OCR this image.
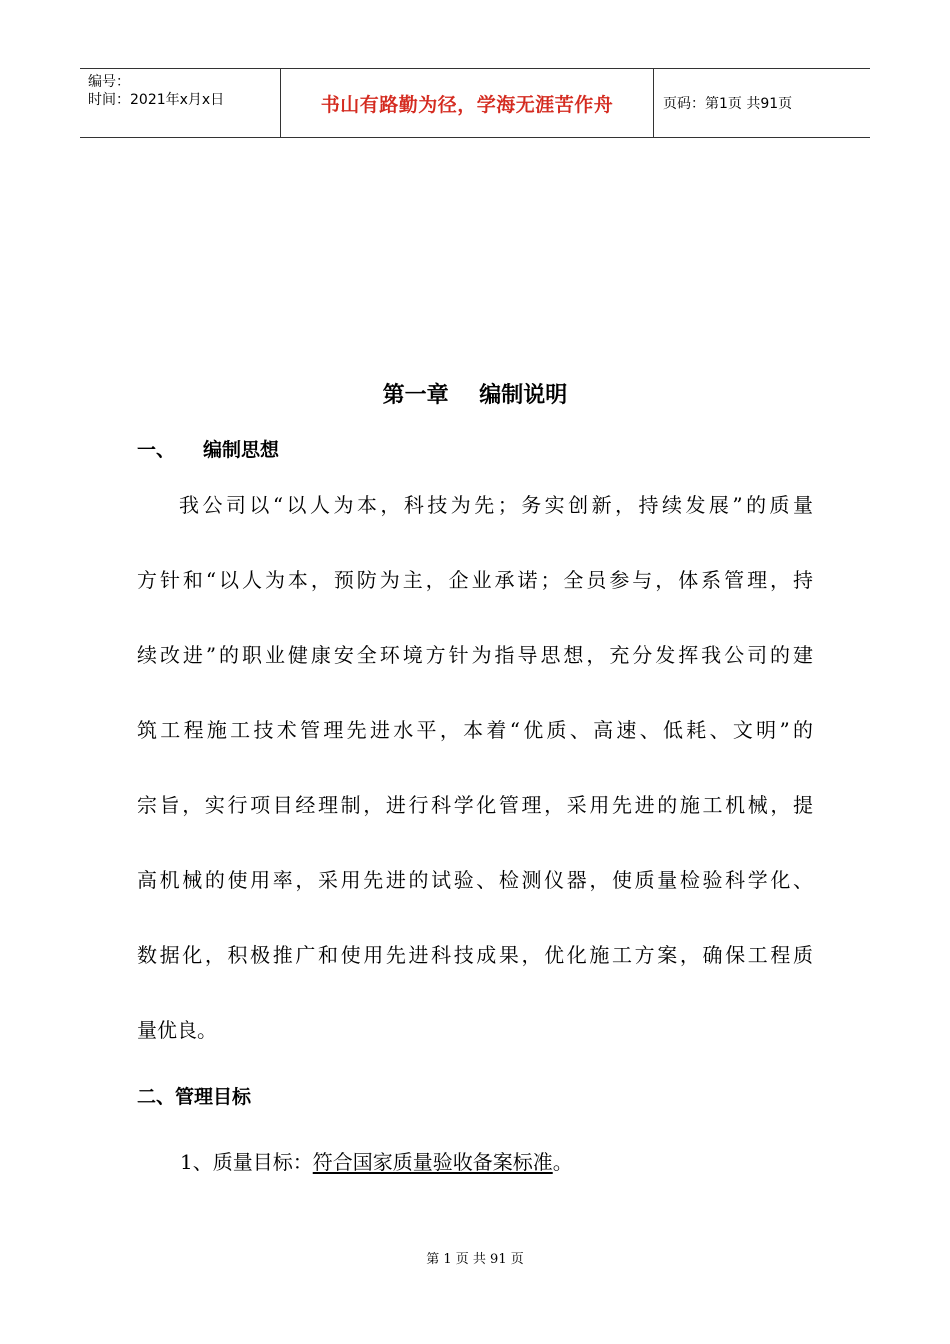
编号：
时间：2021年x月x日	书山有路勤为径，学海无涯苦作舟	页码：第1页 共91页
第一章    编制说明
一、 编制思想
我公司以“以人为本，科技为先；务实创新，持续发展”的质量
方针和“以人为本，预防为主，企业承诺；全员参与，体系管理，持
续改进”的职业健康安全环境方针为指导思想，充分发挥我公司的建
筑工程施工技术管理先进水平，本着“优质、高速、低耗、文明”的
宗旨，实行项目经理制，进行科学化管理，采用先进的施工机械，提
高机械的使用率，采用先进的试验、检测仪器，使质量检验科学化、
数据化，积极推广和使用先进科技成果，优化施工方案，确保工程质
量优良。
二、管理目标
1、质量目标：符合国家质量验收备案标准。
第 1 页 共 91 页
